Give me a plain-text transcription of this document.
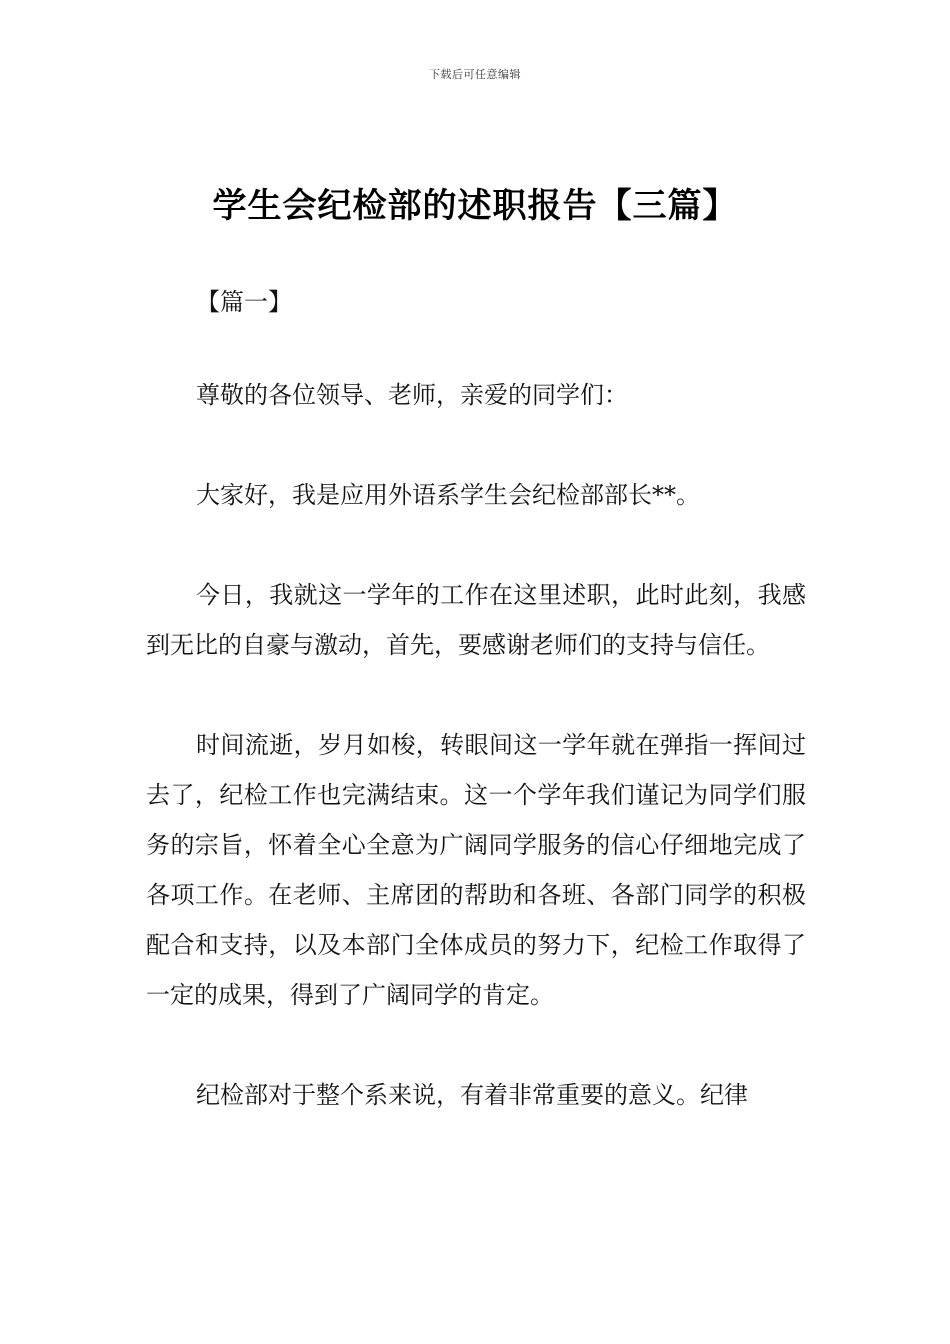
下载后可任意编辑
学生会纪检部的述职报告【三篇】

【篇一】

尊敬的各位领导、老师，亲爱的同学们：

大家好，我是应用外语系学生会纪检部部长**。

今日，我就这一学年的工作在这里述职，此时此刻，我感到无比的自豪与激动，首先，要感谢老师们的支持与信任。

时间流逝，岁月如梭，转眼间这一学年就在弹指一挥间过去了，纪检工作也完满结束。这一个学年我们谨记为同学们服务的宗旨，怀着全心全意为广阔同学服务的信心仔细地完成了各项工作。在老师、主席团的帮助和各班、各部门同学的积极配合和支持，以及本部门全体成员的努力下，纪检工作取得了一定的成果，得到了广阔同学的肯定。

纪检部对于整个系来说，有着非常重要的意义。纪律
